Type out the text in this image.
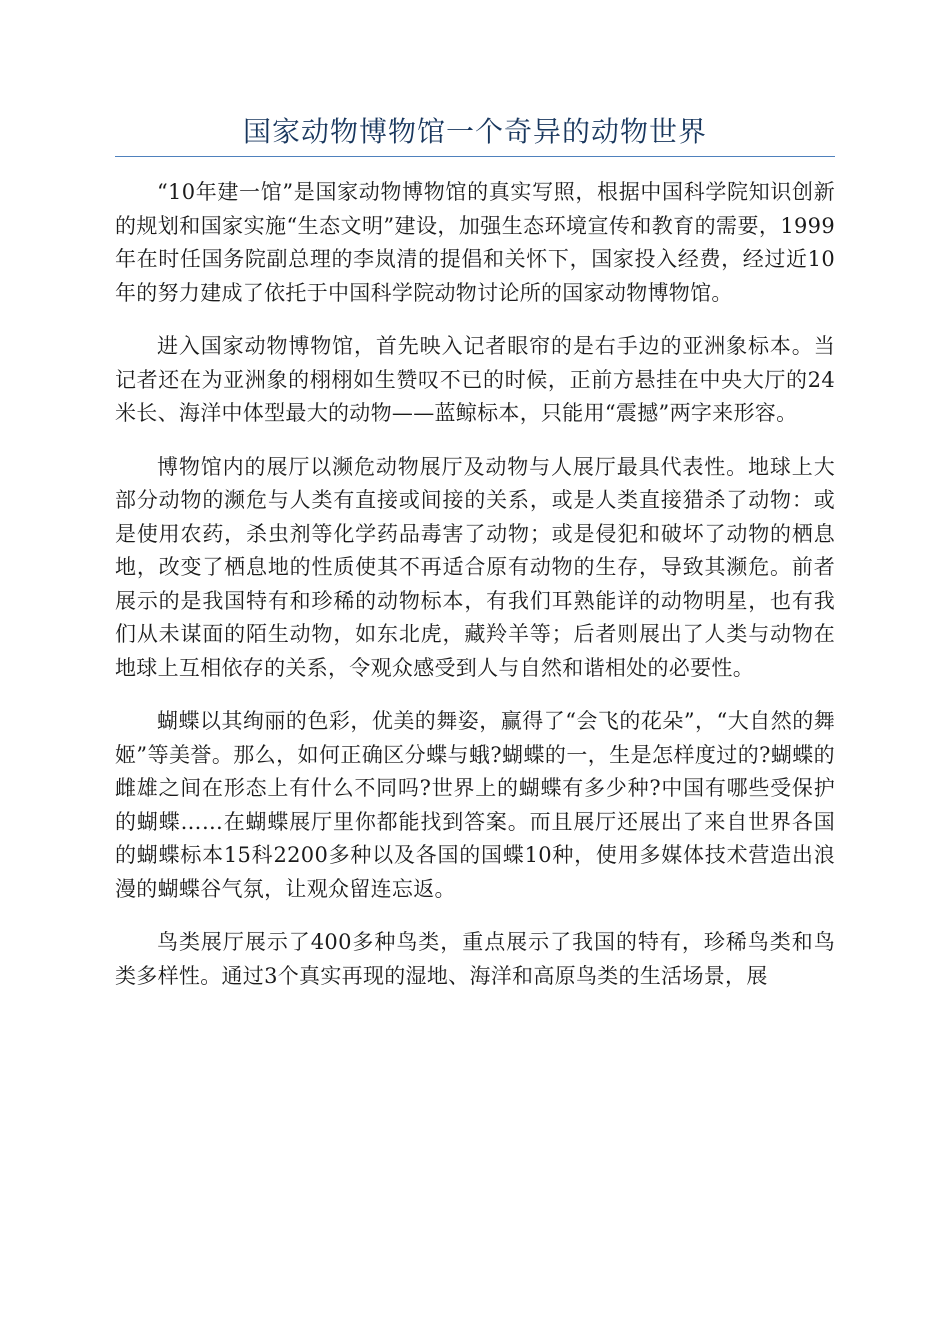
国家动物博物馆一个奇异的动物世界

“10年建一馆”是国家动物博物馆的真实写照，根据中国科学院知识创新的规划和国家实施“生态文明”建设，加强生态环境宣传和教育的需要，1999年在时任国务院副总理的李岚清的提倡和关怀下，国家投入经费，经过近10年的努力建成了依托于中国科学院动物讨论所的国家动物博物馆。

进入国家动物博物馆，首先映入记者眼帘的是右手边的亚洲象标本。当记者还在为亚洲象的栩栩如生赞叹不已的时候，正前方悬挂在中央大厅的24米长、海洋中体型最大的动物——蓝鲸标本，只能用“震撼”两字来形容。

博物馆内的展厅以濒危动物展厅及动物与人展厅最具代表性。地球上大部分动物的濒危与人类有直接或间接的关系，或是人类直接猎杀了动物：或是使用农药，杀虫剂等化学药品毒害了动物；或是侵犯和破坏了动物的栖息地，改变了栖息地的性质使其不再适合原有动物的生存，导致其濒危。前者展示的是我国特有和珍稀的动物标本，有我们耳熟能详的动物明星，也有我们从未谋面的陌生动物，如东北虎，藏羚羊等；后者则展出了人类与动物在地球上互相依存的关系，令观众感受到人与自然和谐相处的必要性。

蝴蝶以其绚丽的色彩，优美的舞姿，赢得了“会飞的花朵”，“大自然的舞姬”等美誉。那么，如何正确区分蝶与蛾?蝴蝶的一，生是怎样度过的?蝴蝶的雌雄之间在形态上有什么不同吗?世界上的蝴蝶有多少种?中国有哪些受保护的蝴蝶……在蝴蝶展厅里你都能找到答案。而且展厅还展出了来自世界各国的蝴蝶标本15科2200多种以及各国的国蝶10种，使用多媒体技术营造出浪漫的蝴蝶谷气氛，让观众留连忘返。

鸟类展厅展示了400多种鸟类，重点展示了我国的特有，珍稀鸟类和鸟类多样性。通过3个真实再现的湿地、海洋和高原鸟类的生活场景，展
